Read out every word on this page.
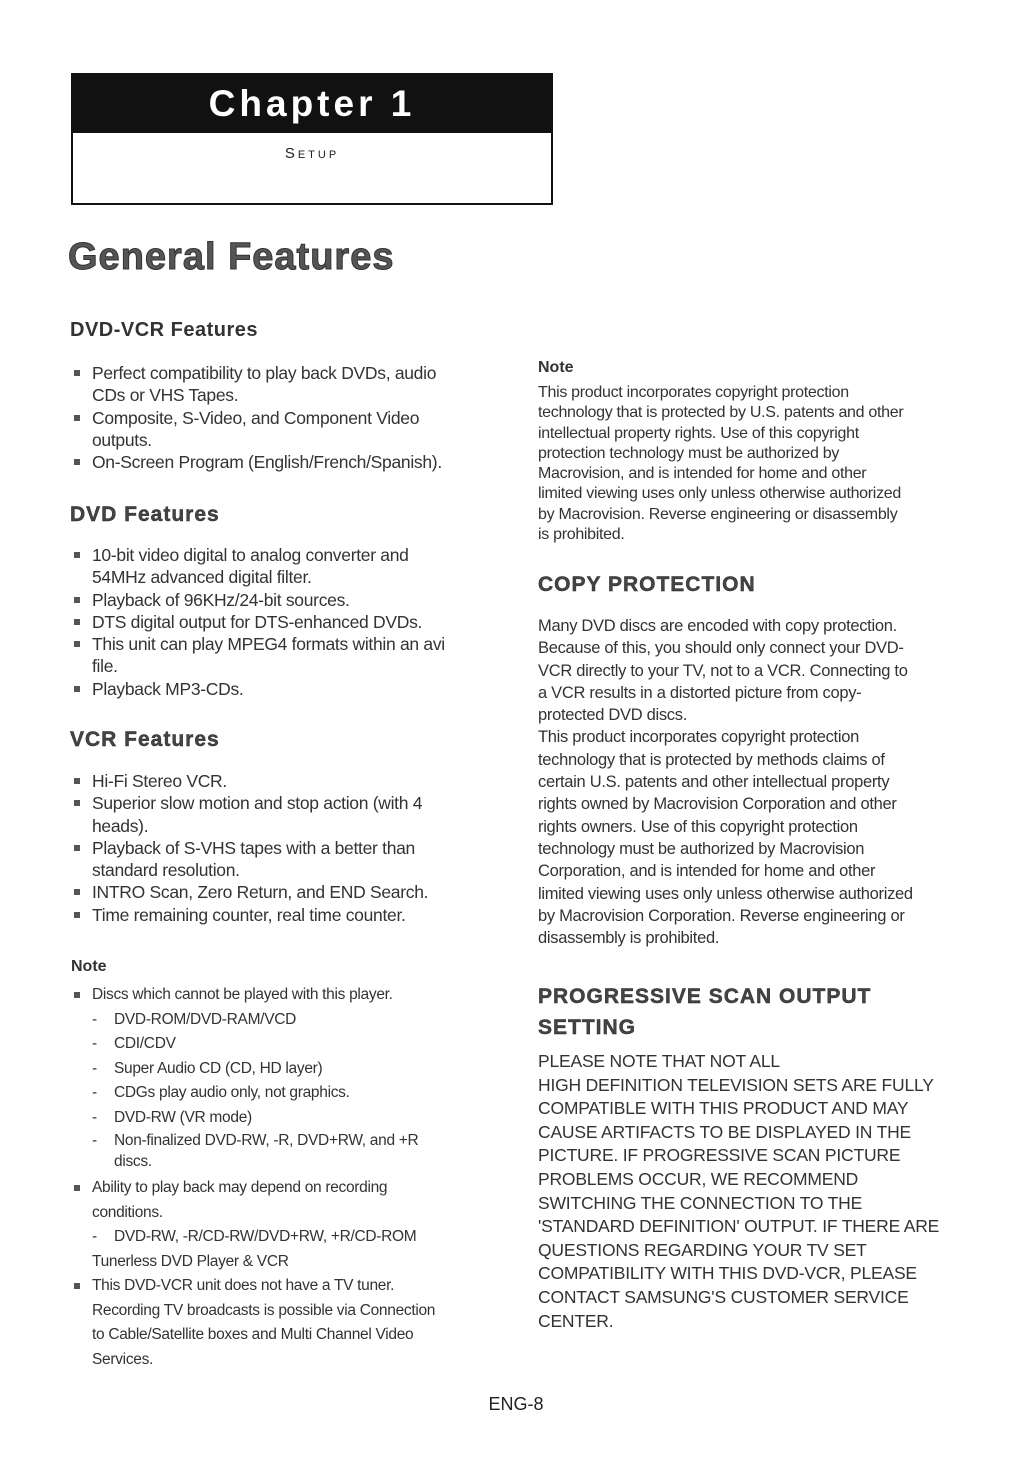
Chapter 1
Setup
General Features
DVD-VCR Features
Perfect compatibility to play back DVDs, audio
CDs or VHS Tapes.
Composite, S-Video, and Component Video
outputs.
On-Screen Program (English/French/Spanish).
DVD Features
10-bit video digital to analog converter and
54MHz advanced digital filter.
Playback of 96KHz/24-bit sources.
DTS digital output for DTS-enhanced DVDs.
This unit can play MPEG4 formats within an avi
file.
Playback MP3-CDs.
VCR Features
Hi-Fi Stereo VCR.
Superior slow motion and stop action (with 4
heads).
Playback of S-VHS tapes with a better than
standard resolution.
INTRO Scan, Zero Return, and END Search.
Time remaining counter, real time counter.
Note
Discs which cannot be played with this player.
- DVD-ROM/DVD-RAM/VCD
- CDI/CDV
- Super Audio CD (CD, HD layer)
- CDGs play audio only, not graphics.
- DVD-RW (VR mode)
- Non-finalized DVD-RW, -R, DVD+RW, and +R
discs.
Ability to play back may depend on recording
conditions.
- DVD-RW, -R/CD-RW/DVD+RW, +R/CD-ROM
Tunerless DVD Player & VCR
This DVD-VCR unit does not have a TV tuner.
Recording TV broadcasts is possible via Connection
to Cable/Satellite boxes and Multi Channel Video
Services.
Note
This product incorporates copyright protection
technology that is protected by U.S. patents and other
intellectual property rights. Use of this copyright
protection technology must be authorized by
Macrovision, and is intended for home and other
limited viewing uses only unless otherwise authorized
by Macrovision. Reverse engineering or disassembly
is prohibited.
COPY PROTECTION
Many DVD discs are encoded with copy protection.
Because of this, you should only connect your DVD-
VCR directly to your TV, not to a VCR. Connecting to
a VCR results in a distorted picture from copy-
protected DVD discs.
This product incorporates copyright protection
technology that is protected by methods claims of
certain U.S. patents and other intellectual property
rights owned by Macrovision Corporation and other
rights owners. Use of this copyright protection
technology must be authorized by Macrovision
Corporation, and is intended for home and other
limited viewing uses only unless otherwise authorized
by Macrovision Corporation. Reverse engineering or
disassembly is prohibited.
PROGRESSIVE SCAN OUTPUT
SETTING
PLEASE NOTE THAT NOT ALL
HIGH DEFINITION TELEVISION SETS ARE FULLY
COMPATIBLE WITH THIS PRODUCT AND MAY
CAUSE ARTIFACTS TO BE DISPLAYED IN THE
PICTURE. IF PROGRESSIVE SCAN PICTURE
PROBLEMS OCCUR, WE RECOMMEND
SWITCHING THE CONNECTION TO THE
'STANDARD DEFINITION' OUTPUT. IF THERE ARE
QUESTIONS REGARDING YOUR TV SET
COMPATIBILITY WITH THIS DVD-VCR, PLEASE
CONTACT SAMSUNG'S CUSTOMER SERVICE
CENTER.
ENG-8
